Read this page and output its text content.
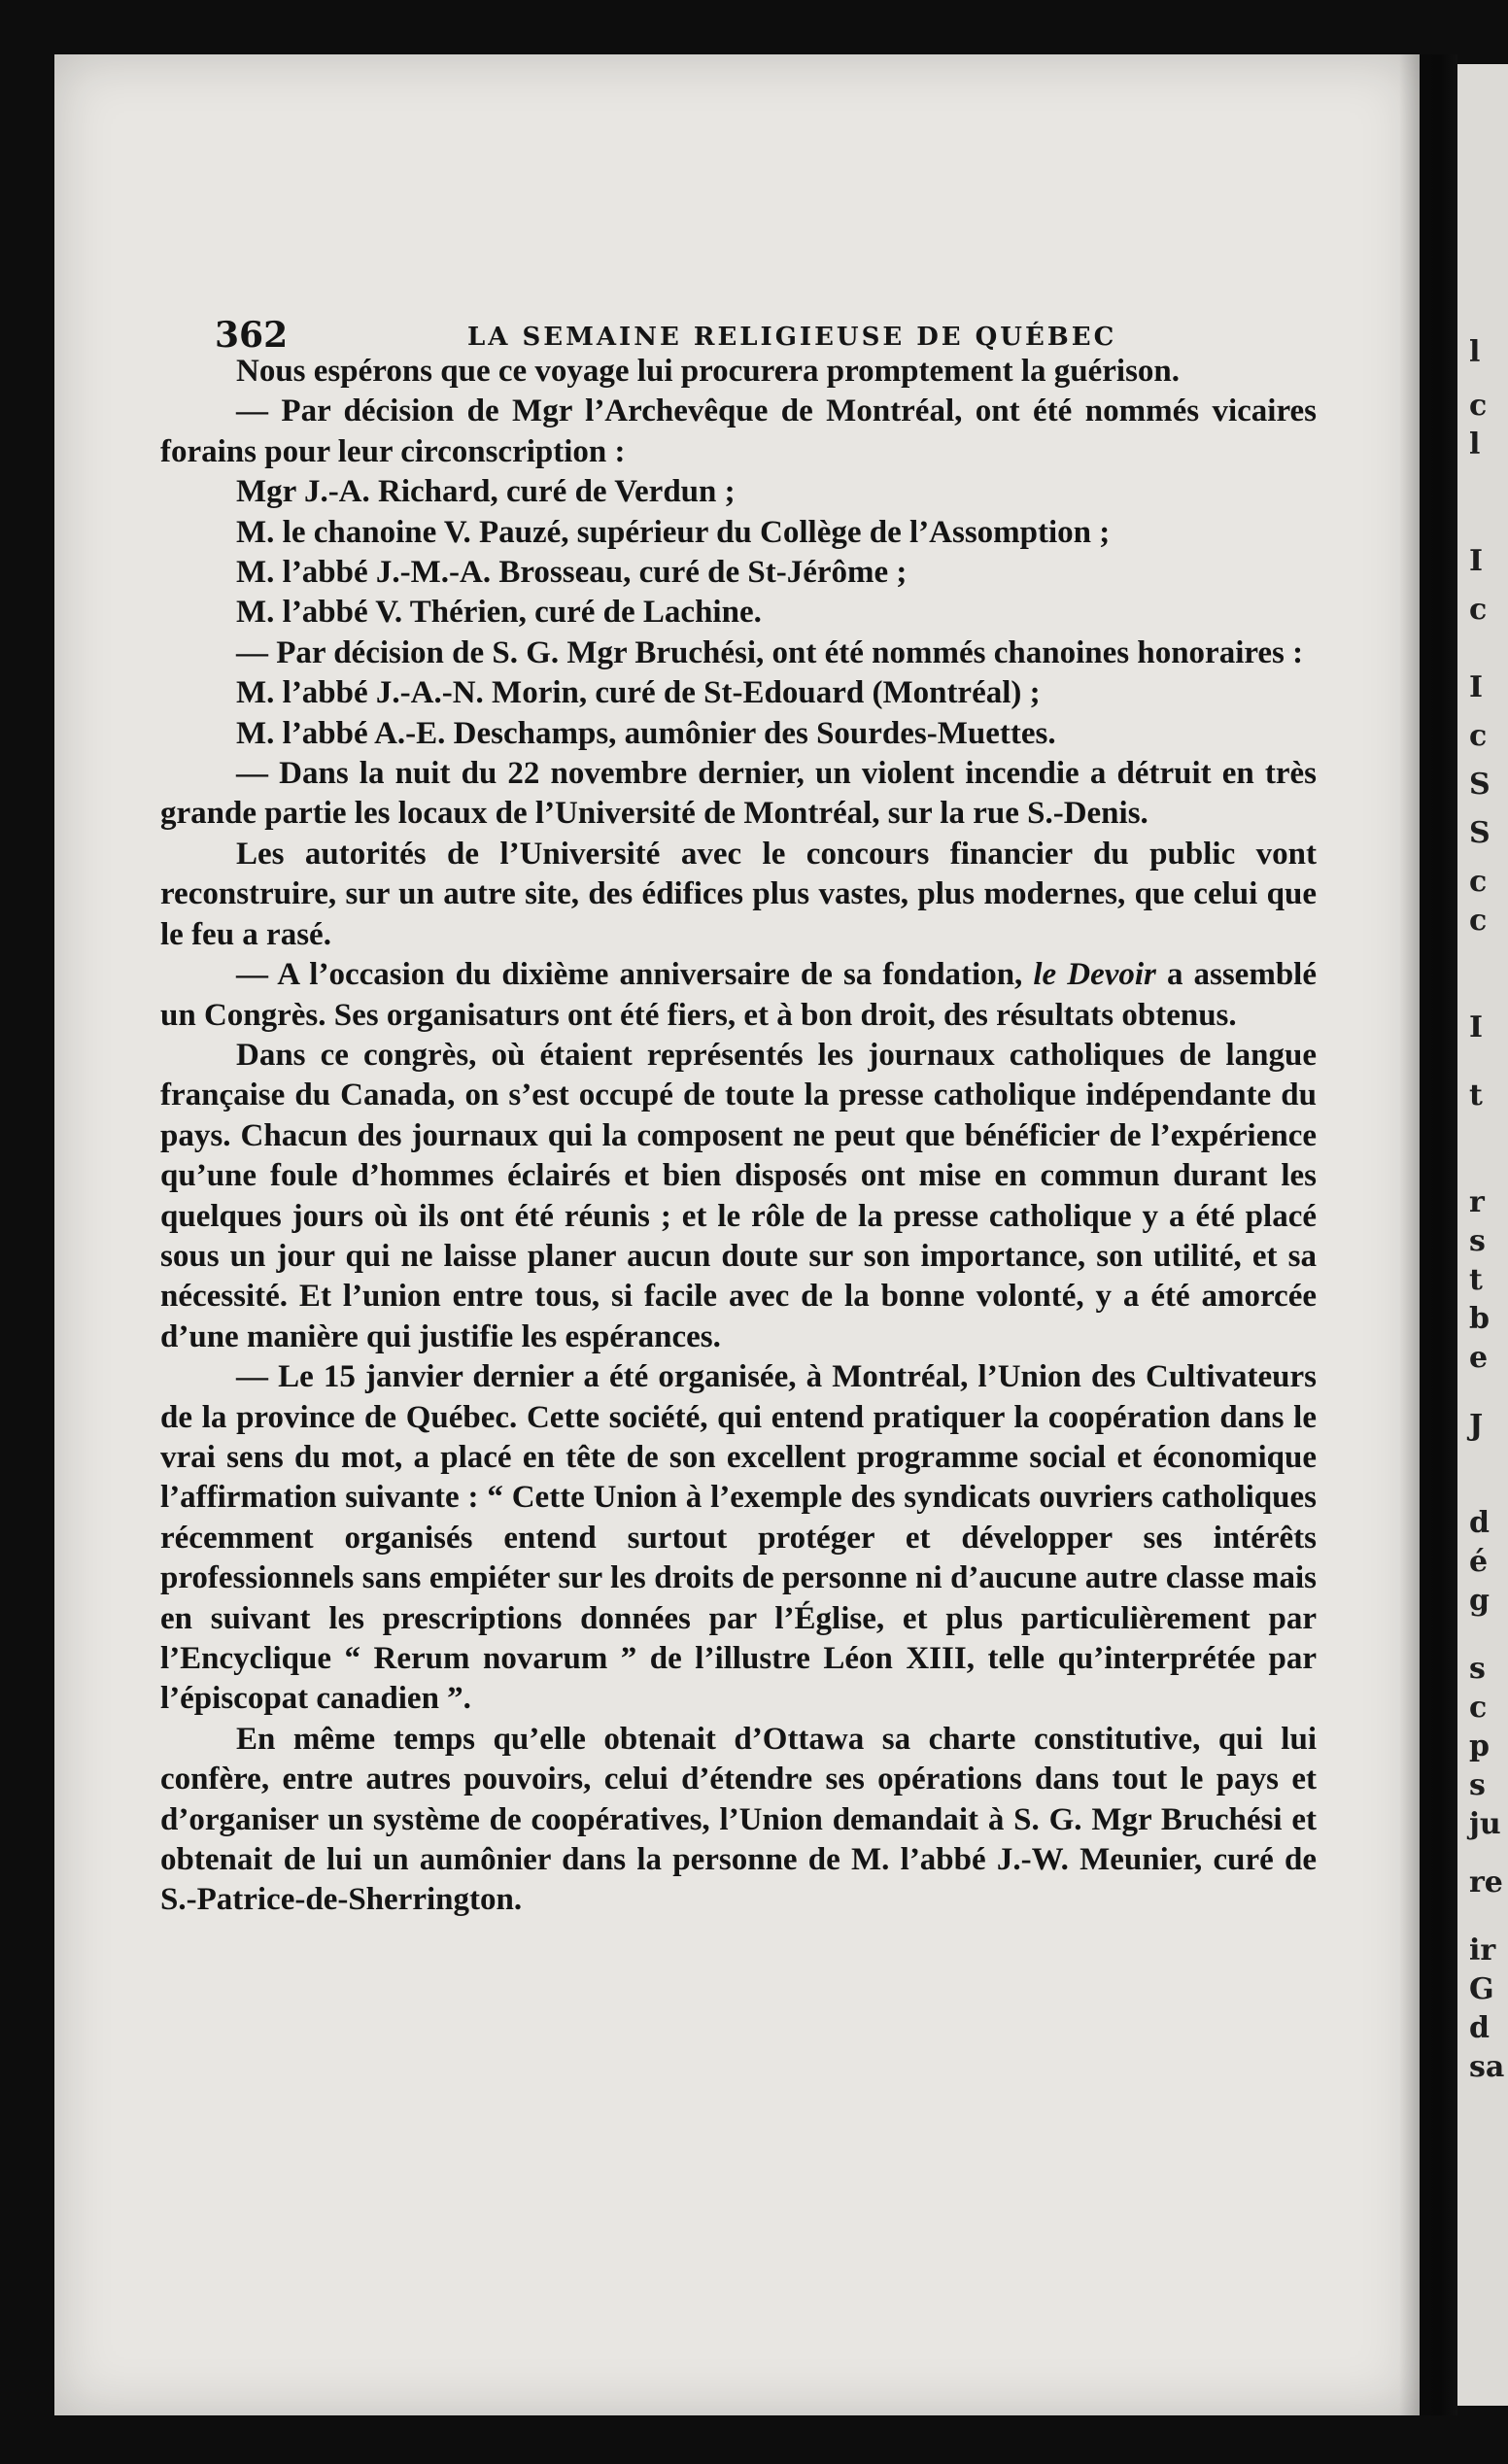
362	LA SEMAINE RELIGIEUSE DE QUÉBEC

Nous espérons que ce voyage lui procurera promptement la guérison.

— Par décision de Mgr l’Archevêque de Montréal, ont été nommés vicaires forains pour leur circonscription :

Mgr J.-A. Richard, curé de Verdun ;

M. le chanoine V. Pauzé, supérieur du Collège de l’Assomption ;

M. l’abbé J.-M.-A. Brosseau, curé de St-Jérôme ;

M. l’abbé V. Thérien, curé de Lachine.

— Par décision de S. G. Mgr Bruchési, ont été nommés chanoines honoraires :

M. l’abbé J.-A.-N. Morin, curé de St-Edouard (Montréal) ;

M. l’abbé A.-E. Deschamps, aumônier des Sourdes-Muettes.

— Dans la nuit du 22 novembre dernier, un violent incendie a détruit en très grande partie les locaux de l’Université de Montréal, sur la rue S.-Denis.

Les autorités de l’Université avec le concours financier du public vont reconstruire, sur un autre site, des édifices plus vastes, plus modernes, que celui que le feu a rasé.

— A l’occasion du dixième anniversaire de sa fondation, le Devoir a assemblé un Congrès. Ses organisaturs ont été fiers, et à bon droit, des résultats obtenus.

Dans ce congrès, où étaient représentés les journaux catholiques de langue française du Canada, on s’est occupé de toute la presse catholique indépendante du pays. Chacun des journaux qui la composent ne peut que bénéficier de l’expérience qu’une foule d’hommes éclairés et bien disposés ont mise en commun durant les quelques jours où ils ont été réunis ; et le rôle de la presse catholique y a été placé sous un jour qui ne laisse planer aucun doute sur son importance, son utilité, et sa nécessité. Et l’union entre tous, si facile avec de la bonne volonté, y a été amorcée d’une manière qui justifie les espérances.

— Le 15 janvier dernier a été organisée, à Montréal, l’Union des Cultivateurs de la province de Québec. Cette société, qui entend pratiquer la coopération dans le vrai sens du mot, a placé en tête de son excellent programme social et économique l’affirmation suivante : “ Cette Union à l’exemple des syndicats ouvriers catholiques récemment organisés entend surtout protéger et développer ses intérêts professionnels sans empiéter sur les droits de personne ni d’aucune autre classe mais en suivant les prescriptions données par l’Église, et plus particulièrement par l’Encyclique “ Rerum novarum ” de l’illustre Léon XIII, telle qu’interprétée par l’épiscopat canadien ”.

En même temps qu’elle obtenait d’Ottawa sa charte constitutive, qui lui confère, entre autres pouvoirs, celui d’étendre ses opérations dans tout le pays et d’organiser un système de coopératives, l’Union demandait à S. G. Mgr Bruchési et obtenait de lui un aumônier dans la personne de M. l’abbé J.-W. Meunier, curé de S.-Patrice-de-Sherrington.

l
c
l
I
c
I
c
S
S
c
c
I
t
r
s
t
b
e
J
d
é
g
s
c
p
s
ju
re
ir
G
d
sa
